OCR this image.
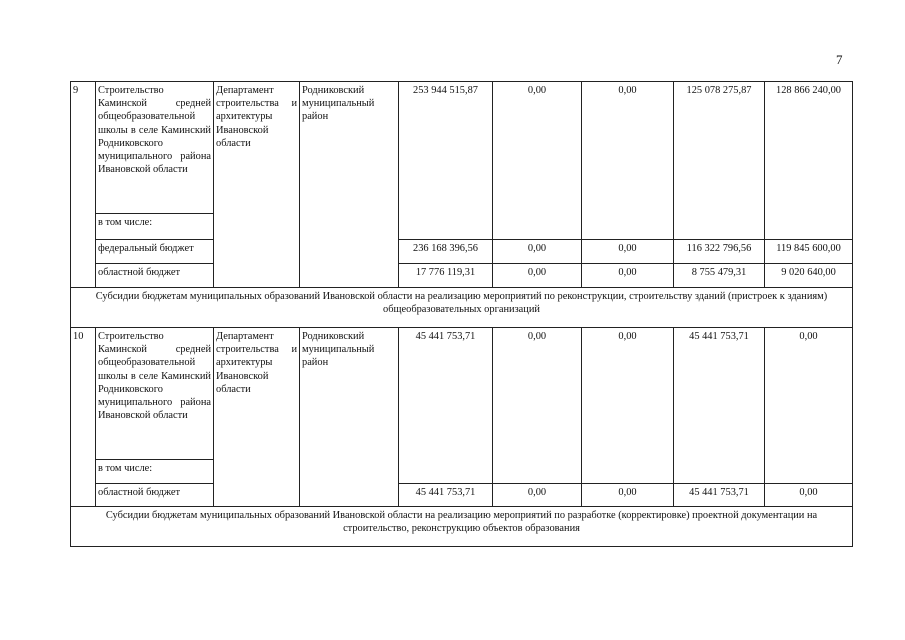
7
9	Строительство Каминской средней общеобразовательной школы в селе Каминский Родниковского муниципального района Ивановской области	Департамент строительства и архитектуры Ивановской области	Родниковский муниципальный район	253 944 515,87	0,00	0,00	125 078 275,87	128 866 240,00
	в том числе:							
	федеральный бюджет			236 168 396,56	0,00	0,00	116 322 796,56	119 845 600,00
	областной бюджет			17 776 119,31	0,00	0,00	8 755 479,31	9 020 640,00
Субсидии бюджетам муниципальных образований Ивановской области на реализацию мероприятий по реконструкции, строительству зданий (пристроек к зданиям) общеобразовательных организаций								
10	Строительство Каминской средней общеобразовательной школы в селе Каминский Родниковского муниципального района Ивановской области	Департамент строительства и архитектуры Ивановской области	Родниковский муниципальный район	45 441 753,71	0,00	0,00	45 441 753,71	0,00
	в том числе:							
	областной бюджет			45 441 753,71	0,00	0,00	45 441 753,71	0,00
Субсидии бюджетам муниципальных образований Ивановской области на реализацию мероприятий по разработке (корректировке) проектной документации на строительство, реконструкцию объектов образования								
